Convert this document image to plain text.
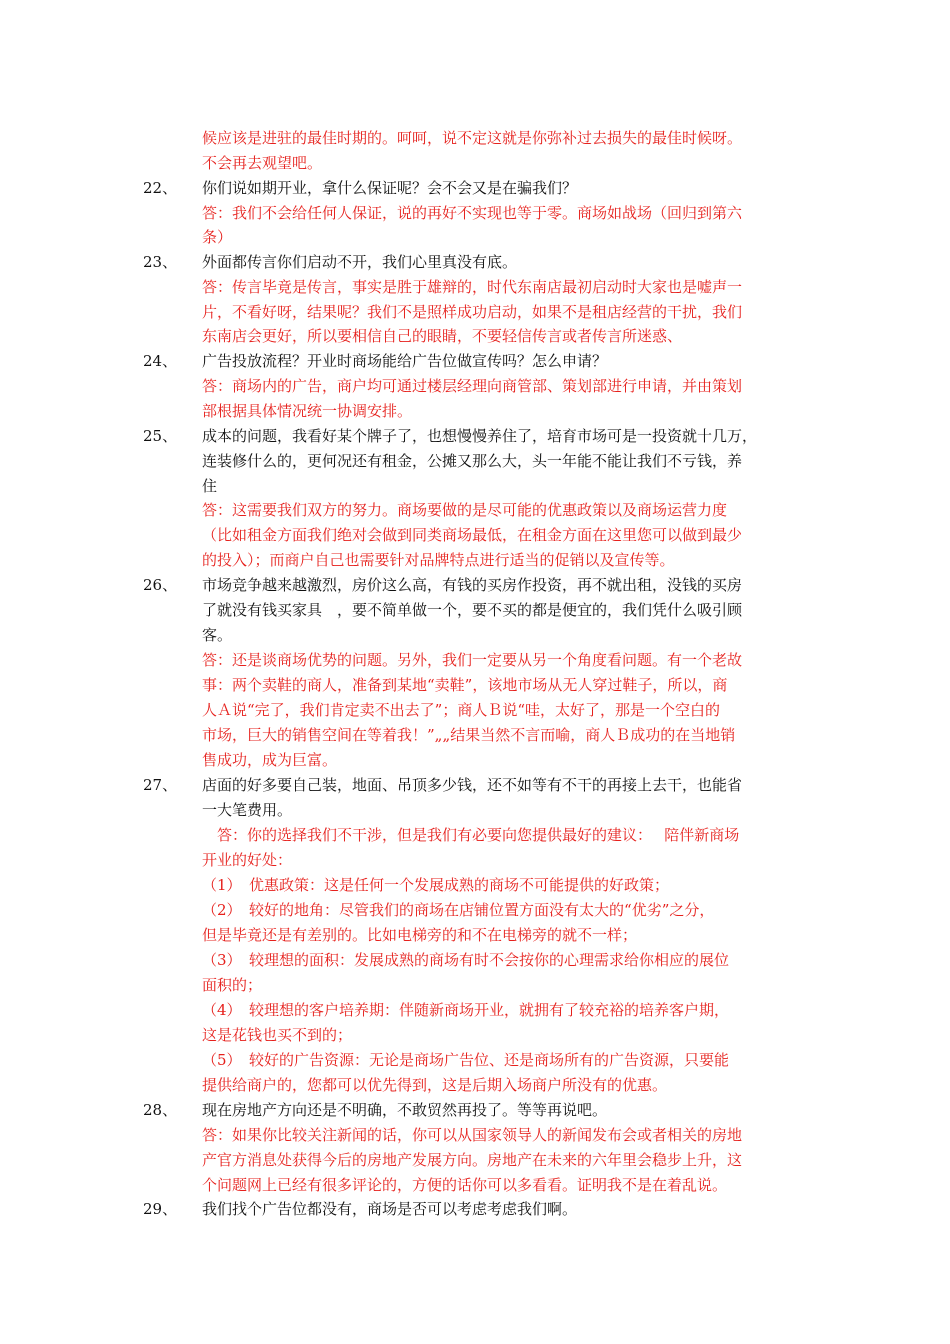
候应该是进驻的最佳时期的。呵呵，说不定这就是你弥补过去损失的最佳时候呀。
不会再去观望吧。
22、 你们说如期开业，拿什么保证呢？会不会又是在骗我们？
答：我们不会给任何人保证，说的再好不实现也等于零。商场如战场（回归到第六
条）
23、 外面都传言你们启动不开，我们心里真没有底。
答：传言毕竟是传言，事实是胜于雄辩的，时代东南店最初启动时大家也是嘘声一
片，不看好呀，结果呢？我们不是照样成功启动，如果不是租店经营的干扰，我们
东南店会更好，所以要相信自己的眼睛，不要轻信传言或者传言所迷惑、
24、 广告投放流程？开业时商场能给广告位做宣传吗？怎么申请？
答：商场内的广告，商户均可通过楼层经理向商管部、策划部进行申请，并由策划
部根据具体情况统一协调安排。
25、 成本的问题，我看好某个牌子了，也想慢慢养住了，培育市场可是一投资就十几万，
连装修什么的，更何况还有租金，公摊又那么大，头一年能不能让我们不亏钱，养
住
答：这需要我们双方的努力。商场要做的是尽可能的优惠政策以及商场运营力度
（比如租金方面我们绝对会做到同类商场最低，在租金方面在这里您可以做到最少
的投入）；而商户自己也需要针对品牌特点进行适当的促销以及宣传等。
26、 市场竞争越来越激烈，房价这么高，有钱的买房作投资，再不就出租，没钱的买房
了就没有钱买家具　，要不简单做一个，要不买的都是便宜的，我们凭什么吸引顾
客。
答：还是谈商场优势的问题。另外，我们一定要从另一个角度看问题。有一个老故
事：两个卖鞋的商人，准备到某地“卖鞋”，该地市场从无人穿过鞋子，所以，商
人Ａ说“完了，我们肯定卖不出去了”；商人Ｂ说“哇，太好了，那是一个空白的
市场，巨大的销售空间在等着我！”„„结果当然不言而喻，商人Ｂ成功的在当地销
售成功，成为巨富。
27、 店面的好多要自己装，地面、吊顶多少钱，还不如等有不干的再接上去干，也能省
一大笔费用。
　答：你的选择我们不干涉，但是我们有必要向您提供最好的建议：　 陪伴新商场
开业的好处：
（1）　优惠政策：这是任何一个发展成熟的商场不可能提供的好政策；
（2）　较好的地角：尽管我们的商场在店铺位置方面没有太大的“优劣”之分，
但是毕竟还是有差别的。比如电梯旁的和不在电梯旁的就不一样；
（3）　较理想的面积：发展成熟的商场有时不会按你的心理需求给你相应的展位
面积的；
（4）　较理想的客户培养期：伴随新商场开业，就拥有了较充裕的培养客户期，
这是花钱也买不到的；
（5）　较好的广告资源：无论是商场广告位、还是商场所有的广告资源，只要能
提供给商户的，您都可以优先得到，这是后期入场商户所没有的优惠。
28、 现在房地产方向还是不明确，不敢贸然再投了。等等再说吧。
答：如果你比较关注新闻的话，你可以从国家领导人的新闻发布会或者相关的房地
产官方消息处获得今后的房地产发展方向。房地产在未来的六年里会稳步上升，这
个问题网上已经有很多评论的，方便的话你可以多看看。证明我不是在着乱说。
29、 我们找个广告位都没有，商场是否可以考虑考虑我们啊。
